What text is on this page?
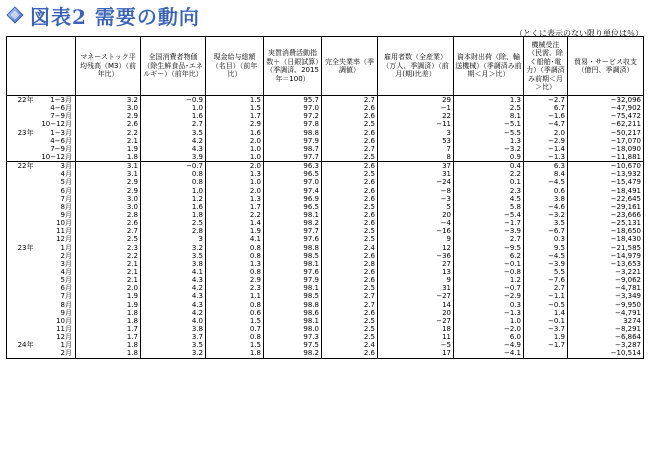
図表2 需要の動向
（とくに表示のない限り単位は％）
		マネーストック平均残高（M3）（前年比）	全国消費者物価（除生鮮食品･エネルギー）（前年比）	現金給与総額（名目）（前年比）	実質消費活動指数＋（日銀試算）（季調済、2015年＝100）	完全失業率（季調値）	雇用者数（全産業）（万人、季調済）（前月(期)比差）	資本財出荷（除、輸送機械）（季調済み前期＜月＞比）	機械受注（民需、除く船舶･電力）（季調済み前期＜月＞比）	貿易・サービス収支（億円、季調済）
22年	1−3月	3.2	−0.9	1.5	95.7	2.7	29	1.3	−2.7	−32,096
	4−6月	3.0	1.0	1.5	97.0	2.6	−1	2.5	6.7	−47,902
	7−9月	2.9	1.6	1.7	97.2	2.6	22	8.1	−1.6	−75,472
	10−12月	2.6	2.7	2.9	97.8	2.5	−11	−5.1	−4.7	−62,211
23年	1−3月	2.2	3.5	1.6	98.8	2.6	3	−5.5	2.0	−50,217
	4−6月	2.1	4.2	2.0	97.9	2.6	53	1.3	−2.9	−17,070
	7−9月	1.9	4.3	1.0	98.7	2.7	7	−3.2	−1.4	−18,090
	10−12月	1.8	3.9	1.0	97.7	2.5	8	0.9	−1.3	−11,881
22年	3月	3.1	−0.7	2.0	96.3	2.6	37	0.4	6.3	−10,670
	4月	3.1	0.8	1.3	96.5	2.5	31	2.2	8.4	−13,932
	5月	2.9	0.8	1.0	97.0	2.6	−24	0.1	−4.5	−15,479
	6月	2.9	1.0	2.0	97.4	2.6	−8	2.3	0.6	−18,491
	7月	3.0	1.2	1.3	96.9	2.6	−3	4.5	3.8	−22,645
	8月	3.0	1.6	1.7	96.5	2.5	5	5.8	−4.6	−29,161
	9月	2.8	1.8	2.2	98.1	2.6	20	−5.4	−3.2	−23,666
	10月	2.6	2.5	1.4	98.2	2.6	−4	−1.7	3.5	−25,131
	11月	2.7	2.8	1.9	97.7	2.5	−16	−3.9	−6.7	−18,650
	12月	2.5	3	4.1	97.6	2.5	9	2.7	0.3	−18,430
23年	1月	2.3	3.2	0.8	98.8	2.4	12	−9.5	9.5	−21,585
	2月	2.2	3.5	0.8	98.5	2.6	−36	6.2	−4.5	−14,979
	3月	2.1	3.8	1.3	98.1	2.8	27	−0.1	−3.9	−13,653
	4月	2.1	4.1	0.8	97.6	2.6	13	−0.8	5.5	−3,221
	5月	2.1	4.3	2.9	97.9	2.6	9	1.2	−7.6	−9,062
	6月	2.0	4.2	2.3	98.1	2.5	31	−0.7	2.7	−4,781
	7月	1.9	4.3	1.1	98.5	2.7	−27	−2.9	−1.1	−3,349
	8月	1.9	4.3	0.8	98.8	2.7	14	0.3	−0.5	−9,950
	9月	1.8	4.2	0.6	98.6	2.6	20	−1.3	1.4	−4,791
	10月	1.8	4.0	1.5	98.1	2.5	−27	1.0	−0.1	3274
	11月	1.7	3.8	0.7	98.0	2.5	18	−2.0	−3.7	−8,291
	12月	1.7	3.7	0.8	97.3	2.5	11	6.0	1.9	−6,864
24年	1月	1.8	3.5	1.5	97.5	2.4	−5	−4.9	−1.7	−3,287
	2月	1.8	3.2	1.8	98.2	2.6	17	−4.1		−10,514
